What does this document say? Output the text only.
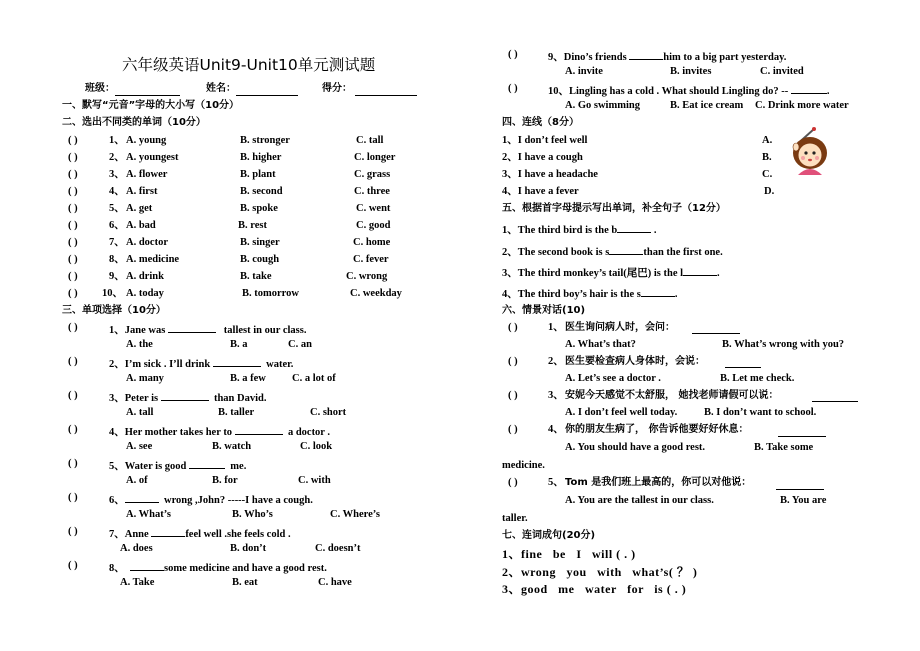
六年级英语Unit9-Unit10单元测试题
班级：	姓名：	得分：
一、默写“元音”字母的大小写（10分）
二、选出不同类的单词（10分）
( )	1、 A. young	B. stronger	C. tall
( )	2、 A. youngest	B. higher	C. longer
( )	3、 A. flower	B. plant	C. grass
( )	4、 A. first	B. second	C. three
( )	5、 A. get	B. spoke	C. went
( )	6、 A. bad	B. rest	C. good
( )	7、 A. doctor	B. singer	C. home
( )	8、 A. medicine	B. cough	C. fever
( )	9、 A. drink	B. take	C. wrong
( ) 10、 A. today	B. tomorrow	C. weekday
三、单项选择（10分）
( )	1、Jane was	tallest in our class.
A. the	B. a	C. an
( )	2、I’m sick . I’ll drink	water.
A. many	B. a few C. a lot of
( )	3、Peter is	than David.
A. tall	B. taller	C. short
( )	4、Her mother takes her to	a doctor .
A. see	B. watch	C. look
( )	5、Water is good	me.
A. of	B. for	C. with
( )	6、	wrong ,John? -----I have a cough.
A. What’s	B. Who’s	C. Where’s
( )	7、Anne	feel well .she feels cold .
A. does	B. don’t	C. doesn’t
( )	8、	some medicine and have a good rest.
A. Take	B. eat	C. have
( )	9、Dino’s friends	him to a big part yesterday.
A. invite	B. invites	C. invited
( )	10、Lingling has a cold . What should Lingling do? --	.
A. Go swimming	B. Eat ice cream C. Drink more water
四、连线（8分）
1、I don’t feel well
2、I have a cough
3、I have a headache
4、I have a fever
A.
B.
C.
D.
五、根据首字母提示写出单词，补全句子（12分）
1、The third bird is the b	.
2、The second book is s	than the first one.
3、The third monkey’s tail(尾巴) is the l	.
4、The third boy’s hair is the s	.
六、情景对话(10)
( )	1、 医生询问病人时，会问：
A. What’s that?	B. What’s wrong with you?
( )	2、 医生要检查病人身体时，会说：
A. Let’s see a doctor .	B. Let me check.
( )	3、 安妮今天感觉不太舒服， 她找老师请假可以说：
A. I don’t feel well today.	B. I don’t want to school.
( )	4、 你的朋友生病了， 你告诉他要好好休息：
A. You should have a good rest.	B. Take some
medicine.
( )	5、 Tom 是我们班上最高的，你可以对他说：
A. You are the tallest in our class.	B. You are
taller.
七、连词成句(20分)
1、fine   be   I   will ( . )
2、wrong   you   with   what’s( ？ )
3、good   me   water   for   is ( . )
